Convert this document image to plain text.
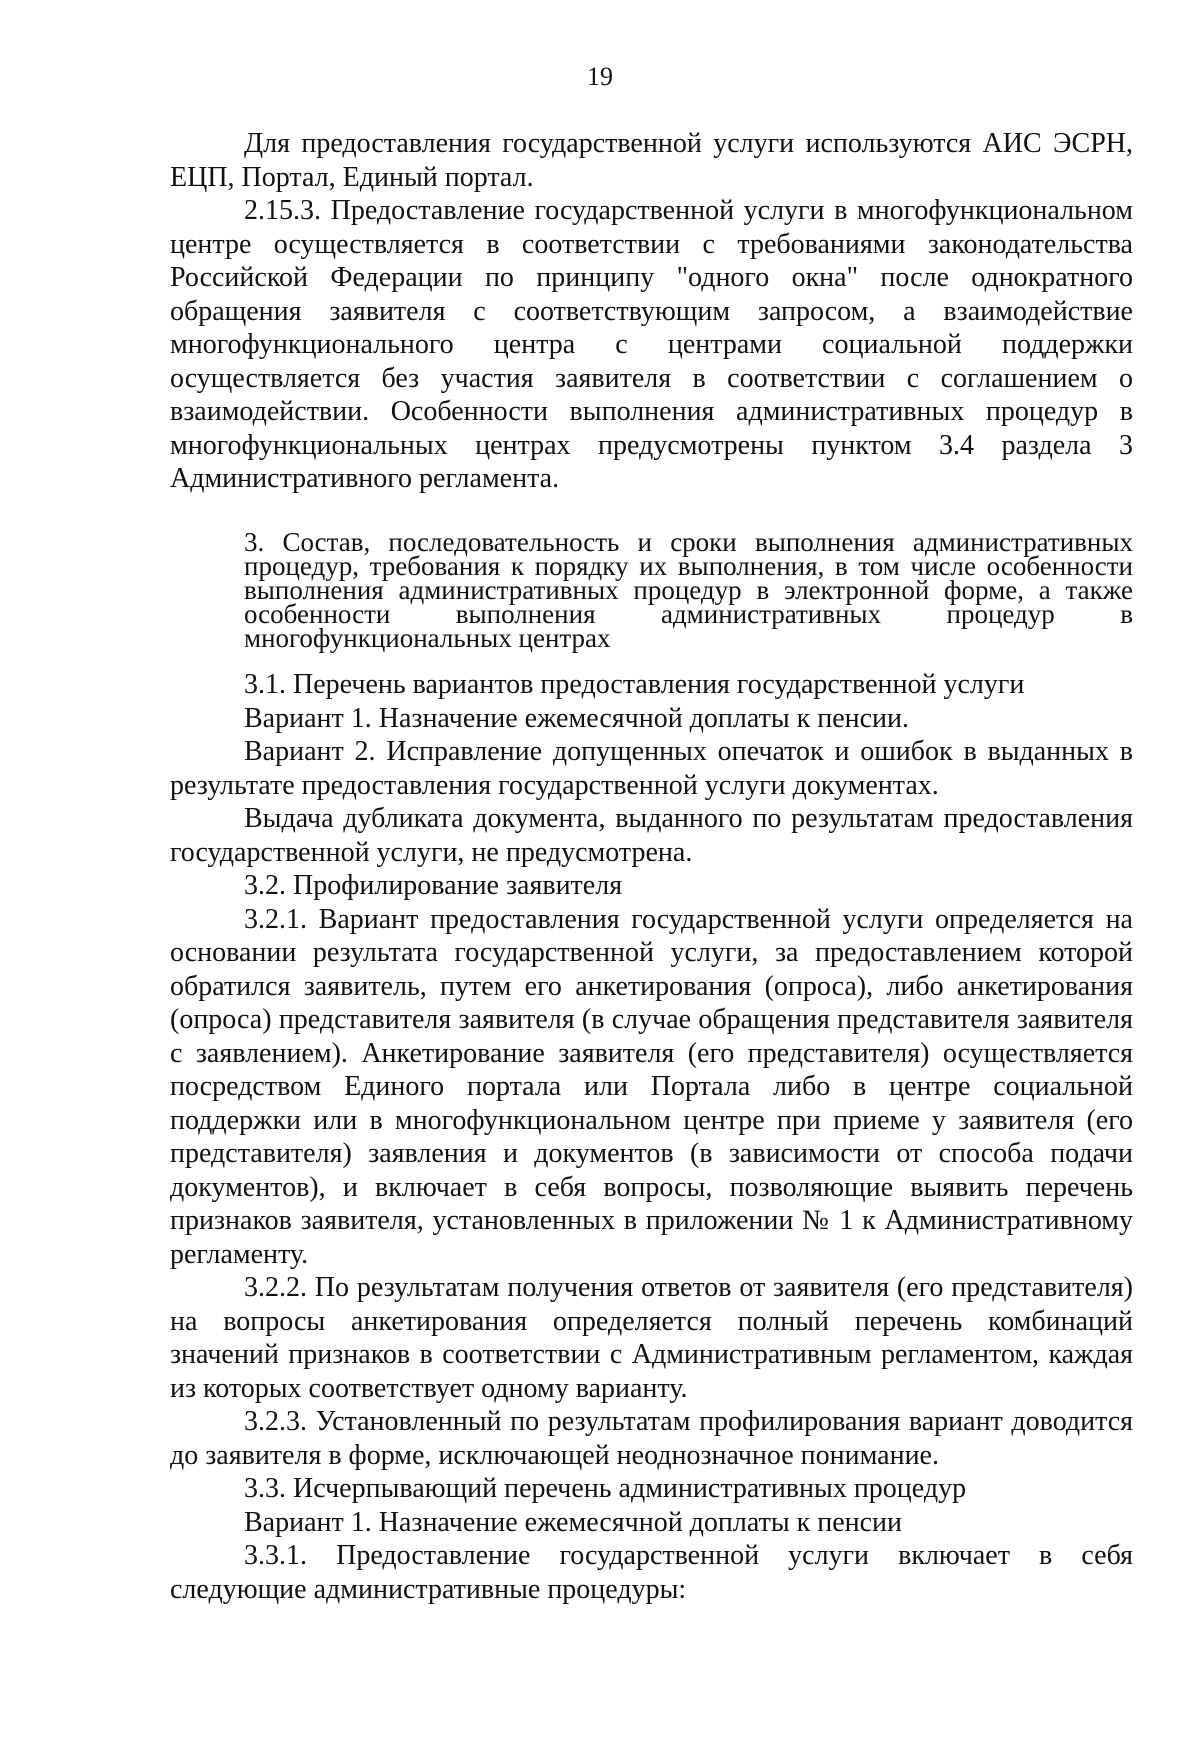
19

Для предоставления государственной услуги используются АИС ЭСРН, ЕЦП, Портал, Единый портал.

2.15.3. Предоставление государственной услуги в многофункциональном центре осуществляется в соответствии с требованиями законодательства Российской Федерации по принципу "одного окна" после однократного обращения заявителя с соответствующим запросом, а взаимодействие многофункционального центра с центрами социальной поддержки осуществляется без участия заявителя в соответствии с соглашением о взаимодействии. Особенности выполнения административных процедур в многофункциональных центрах предусмотрены пунктом 3.4 раздела 3 Административного регламента.

3. Состав, последовательность и сроки выполнения административных процедур, требования к порядку их выполнения, в том числе особенности выполнения административных процедур в электронной форме, а также особенности выполнения административных процедур в многофункциональных центрах

3.1. Перечень вариантов предоставления государственной услуги

Вариант 1. Назначение ежемесячной доплаты к пенсии.

Вариант 2. Исправление допущенных опечаток и ошибок в выданных в результате предоставления государственной услуги документах.

Выдача дубликата документа, выданного по результатам предоставления государственной услуги, не предусмотрена.

3.2. Профилирование заявителя

3.2.1. Вариант предоставления государственной услуги определяется на основании результата государственной услуги, за предоставлением которой обратился заявитель, путем его анкетирования (опроса), либо анкетирования (опроса) представителя заявителя (в случае обращения представителя заявителя с заявлением). Анкетирование заявителя (его представителя) осуществляется посредством Единого портала или Портала либо в центре социальной поддержки или в многофункциональном центре при приеме у заявителя (его представителя) заявления и документов (в зависимости от способа подачи документов), и включает в себя вопросы, позволяющие выявить перечень признаков заявителя, установленных в приложении № 1 к Административному регламенту.

3.2.2. По результатам получения ответов от заявителя (его представителя) на вопросы анкетирования определяется полный перечень комбинаций значений признаков в соответствии с Административным регламентом, каждая из которых соответствует одному варианту.

3.2.3. Установленный по результатам профилирования вариант доводится до заявителя в форме, исключающей неоднозначное понимание.

3.3. Исчерпывающий перечень административных процедур

Вариант 1. Назначение ежемесячной доплаты к пенсии

3.3.1. Предоставление государственной услуги включает в себя следующие административные процедуры:
